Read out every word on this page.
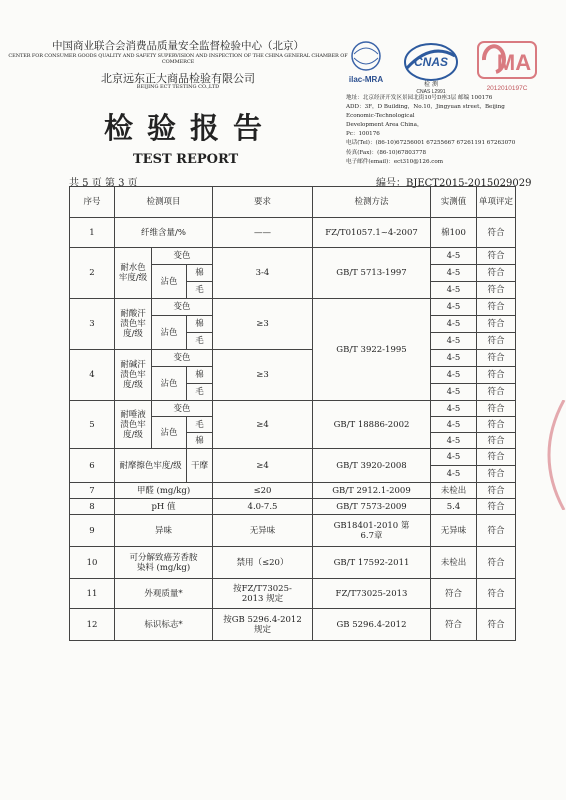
中国商业联合会消费品质量安全监督检验中心（北京）
CENTER FOR CONSUMER GOODS QUALITY AND SAFETY SUPERVISION AND INSPECTION OF THE CHINA GENERAL CHAMBER OF COMMERCE
北京远东正大商品检验有限公司
BEIJING ECT TESTING CO.,LTD
检验报告
TEST REPORT
ilac-MRA
CNAS
检 测
CNAS L2991
MA
2012010197C
地址：北京经济开发区景园北街10号D座3层 邮编 100176
ADD：3F，D Building，No.10，Jingyuan street，Beijing
Economic-Technological
Development Area China，
Pc：100176
电话(Tel)：(86-10)67256001 67255667 67261191 67263070
传真(Fax)：(86-10)67803778
电子邮件(email)：ect310@126.com
共 5 页 第 3 页	编号：BJECT2015-2015029029
序号	检测项目			要求	检测方法	实测值	单项评定
1	纤维含量/%			——	FZ/T01057.1~4-2007	棉100	符合
2	耐水色牢度/级	变色		3-4	GB/T 5713-1997	4-5	符合
		沾色	棉			4-5	符合
			毛			4-5	符合
3	耐酸汗渍色牢度/级	变色		≥3	GB/T 3922-1995	4-5	符合
		沾色	棉			4-5	符合
			毛			4-5	符合
4	耐碱汗渍色牢度/级	变色		≥3		4-5	符合
		沾色	棉			4-5	符合
			毛			4-5	符合
5	耐唾液渍色牢度/级	变色		≥4	GB/T 18886-2002	4-5	符合
		沾色	毛			4-5	符合
			棉			4-5	符合
6	耐摩擦色牢度/级		干摩	≥4	GB/T 3920-2008	4-5	符合
						4-5	符合
7	甲醛 (mg/kg)			≤20	GB/T 2912.1-2009	未检出	符合
8	pH 值			4.0-7.5	GB/T 7573-2009	5.4	符合
9	异味			无异味	GB18401-2010 第6.7章	无异味	符合
10	可分解致癌芳香胺染料 (mg/kg)			禁用（≤20）	GB/T 17592-2011	未检出	符合
11	外观质量*			按FZ/T73025-2013 规定	FZ/T73025-2013	符合	符合
12	标识标志*			按GB 5296.4-2012规定	GB 5296.4-2012	符合	符合
